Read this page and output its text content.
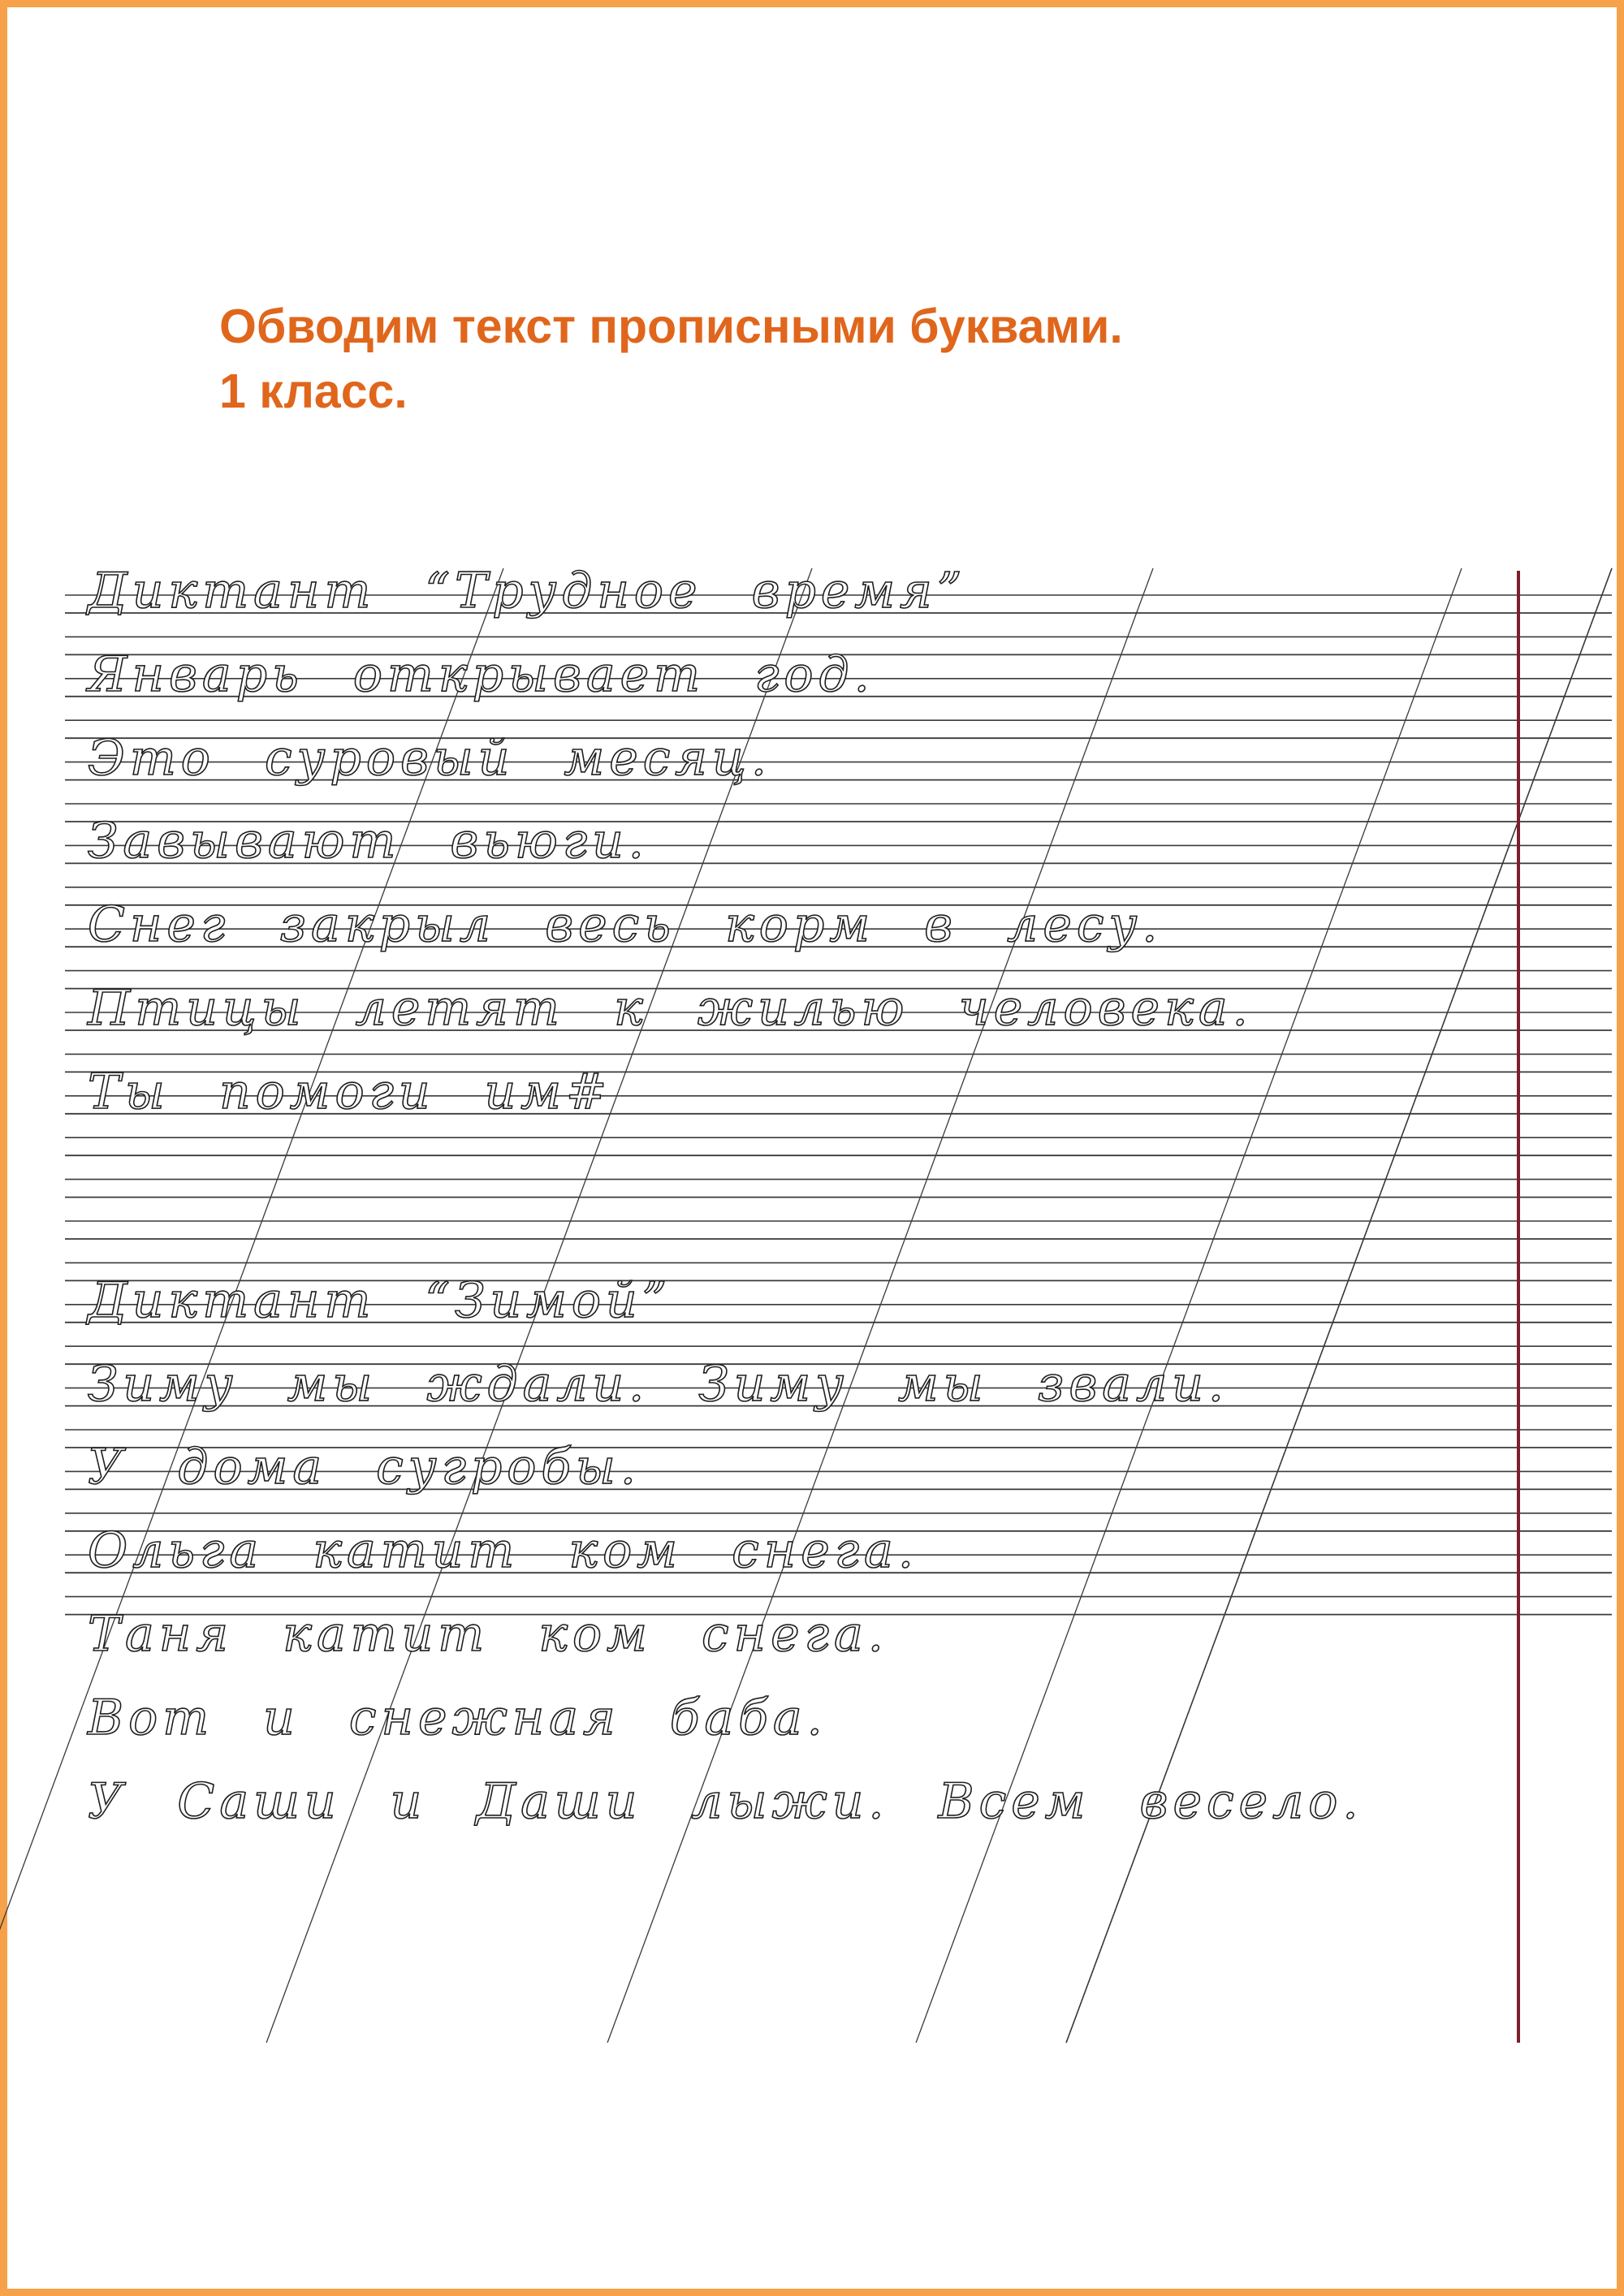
Обводим текст прописными буквами.
1 класс.
Диктант “Трудное время”
Январь открывает год.
Это суровый месяц.
Завывают вьюги.
Снег закрыл весь корм в лесу.
Птицы летят к жилью человека.
Ты помоги им#
Диктант “Зимой”
Зиму мы ждали. Зиму мы звали.
У дома сугробы.
Ольга катит ком снега.
Таня катит ком снега.
Вот и снежная баба.
У Саши и Даши лыжи. Всем весело.
